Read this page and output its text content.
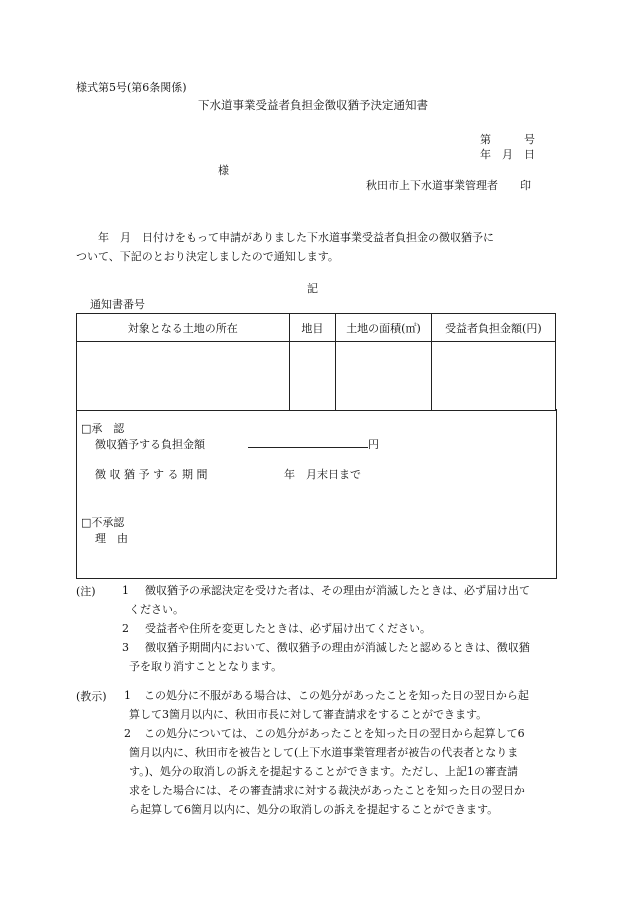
様式第5号(第6条関係)
下水道事業受益者負担金徴収猶予決定通知書
第　　　号
年　月　日
様
秋田市上下水道事業管理者　　印
　　年　月　日付けをもって申請がありました下水道事業受益者負担金の徴収猶予に
ついて、下記のとおり決定しましたので通知します。
記
通知書番号
対象となる土地の所在	地目	土地の面積(㎡)	受益者負担金額(円)

□承　認
徴収猶予する負担金額	円
徴 収 猶 予 す る 期 間	年　月末日まで
□不承認
理　由
(注) 1 徴収猶予の承認決定を受けた者は、その理由が消滅したときは、必ず届け出て
ください。
2 受益者や住所を変更したときは、必ず届け出てください。
3 徴収猶予期間内において、徴収猶予の理由が消滅したと認めるときは、徴収猶
予を取り消すこととなります。
(教示) 1 この処分に不服がある場合は、この処分があったことを知った日の翌日から起
算して3箇月以内に、秋田市長に対して審査請求をすることができます。
2 この処分については、この処分があったことを知った日の翌日から起算して6
箇月以内に、秋田市を被告として(上下水道事業管理者が被告の代表者となりま
す。)、処分の取消しの訴えを提起することができます。ただし、上記1の審査請
求をした場合には、その審査請求に対する裁決があったことを知った日の翌日か
ら起算して6箇月以内に、処分の取消しの訴えを提起することができます。
